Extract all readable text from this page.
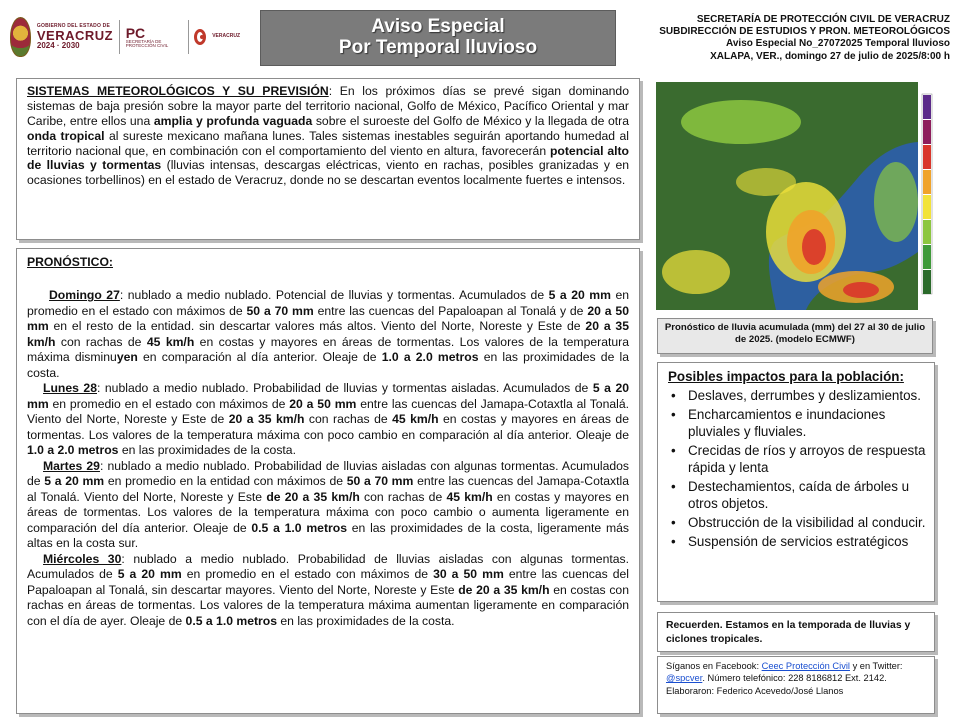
GOBIERNO DEL ESTADO DE
VERACRUZ
2024 · 2030
PC
SECRETARÍA DE PROTECCIÓN CIVIL
VERACRUZ	Aviso Especial
Por Temporal lluvioso
SECRETARÍA DE PROTECCIÓN CIVIL DE VERACRUZ
SUBDIRECCIÓN DE ESTUDIOS Y PRON. METEOROLÓGICOS
Aviso Especial No_27072025 Temporal lluvioso
XALAPA, VER., domingo 27 de julio de 2025/8:00 h
SISTEMAS METEOROLÓGICOS Y SU PREVISIÓN: En los próximos días se prevé sigan dominando sistemas de baja presión sobre la mayor parte del territorio nacional, Golfo de México, Pacífico Oriental y mar Caribe, entre ellos una amplia y profunda vaguada sobre el suroeste del Golfo de México y la llegada de otra onda tropical al sureste mexicano mañana lunes. Tales sistemas inestables seguirán aportando humedad al territorio nacional que, en combinación con el comportamiento del viento en altura, favorecerán potencial alto de lluvias y tormentas (lluvias intensas, descargas eléctricas, viento en rachas, posibles granizadas y en ocasiones torbellinos) en el estado de Veracruz, donde no se descartan eventos localmente fuertes e intensos.
PRONÓSTICO:
Domingo 27: nublado a medio nublado. Potencial de lluvias y tormentas. Acumulados de 5 a 20 mm en promedio en el estado con máximos de 50 a 70 mm entre las cuencas del Papaloapan al Tonalá y de 20 a 50 mm en el resto de la entidad. sin descartar valores más altos. Viento del Norte, Noreste y Este de 20 a 35 km/h con rachas de 45 km/h en costas y mayores en áreas de tormentas. Los valores de la temperatura máxima disminuyen en comparación al día anterior. Oleaje de 1.0 a 2.0 metros en las proximidades de la costa.
Lunes 28: nublado a medio nublado. Probabilidad de lluvias y tormentas aisladas. Acumulados de 5 a 20 mm en promedio en el estado con máximos de 20 a 50 mm entre las cuencas del Jamapa-Cotaxtla al Tonalá. Viento del Norte, Noreste y Este de 20 a 35 km/h con rachas de 45 km/h en costas y mayores en áreas de tormentas. Los valores de la temperatura máxima con poco cambio en comparación al día anterior. Oleaje de 1.0 a 2.0 metros en las proximidades de la costa.
Martes 29: nublado a medio nublado. Probabilidad de lluvias aisladas con algunas tormentas. Acumulados de 5 a 20 mm en promedio en la entidad con máximos de 50 a 70 mm entre las cuencas del Jamapa-Cotaxtla al Tonalá. Viento del Norte, Noreste y Este de 20 a 35 km/h con rachas de 45 km/h en costas y mayores en áreas de tormentas. Los valores de la temperatura máxima con poco cambio o aumenta ligeramente en comparación del día anterior. Oleaje de 0.5 a 1.0 metros en las proximidades de la costa, ligeramente más altas en la costa sur.
Miércoles 30: nublado a medio nublado. Probabilidad de lluvias aisladas con algunas tormentas. Acumulados de 5 a 20 mm en promedio en el estado con máximos de 30 a 50 mm entre las cuencas del Papaloapan al Tonalá, sin descartar mayores. Viento del Norte, Noreste y Este de 20 a 35 km/h en costas con rachas en áreas de tormentas. Los valores de la temperatura máxima aumentan ligeramente en comparación con el día de ayer. Oleaje de 0.5 a 1.0 metros en las proximidades de la costa.
Pronóstico de lluvia acumulada (mm) del 27 al 30 de julio de 2025. (modelo ECMWF)
Posibles impactos para la población:
• Deslaves, derrumbes y deslizamientos.
• Encharcamientos e inundaciones pluviales y fluviales.
• Crecidas de ríos y arroyos de respuesta rápida y lenta
• Destechamientos, caída de árboles u otros objetos.
• Obstrucción de la visibilidad al conducir.
• Suspensión de servicios estratégicos
Recuerden. Estamos en la temporada de lluvias y ciclones tropicales.
Síganos en Facebook: Ceec Protección Civil y en Twitter: @spcver. Número telefónico: 228 8186812 Ext. 2142.
Elaboraron: Federico Acevedo/José Llanos
